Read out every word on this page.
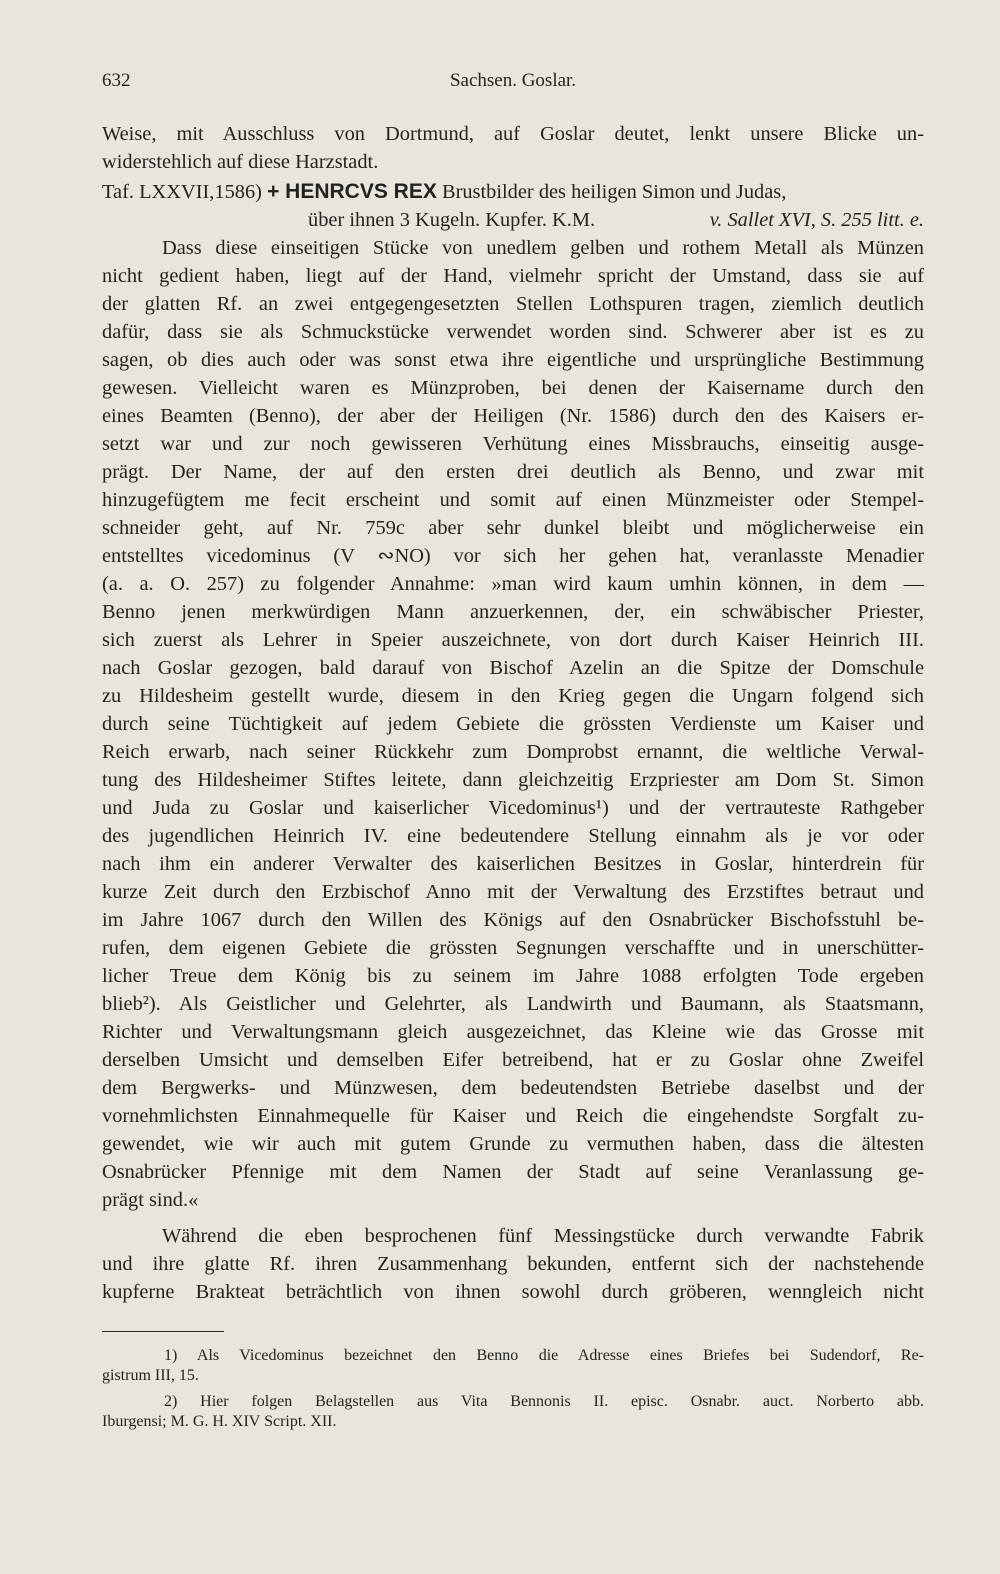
632	Sachsen. Goslar.
Weise, mit Ausschluss von Dortmund, auf Goslar deutet, lenkt unsere Blicke un-
widerstehlich auf diese Harzstadt.
Taf. LXXVII,1586) + HENRCVS REX Brustbilder des heiligen Simon und Judas,
über ihnen 3 Kugeln. Kupfer. K.M.	v. Sallet XVI, S. 255 litt. e.
Dass diese einseitigen Stücke von unedlem gelben und rothem Metall als Münzen
nicht gedient haben, liegt auf der Hand, vielmehr spricht der Umstand, dass sie auf
der glatten Rf. an zwei entgegengesetzten Stellen Lothspuren tragen, ziemlich deutlich
dafür, dass sie als Schmuckstücke verwendet worden sind. Schwerer aber ist es zu
sagen, ob dies auch oder was sonst etwa ihre eigentliche und ursprüngliche Bestimmung
gewesen. Vielleicht waren es Münzproben, bei denen der Kaisername durch den
eines Beamten (Benno), der aber der Heiligen (Nr. 1586) durch den des Kaisers er-
setzt war und zur noch gewisseren Verhütung eines Missbrauchs, einseitig ausge-
prägt. Der Name, der auf den ersten drei deutlich als Benno, und zwar mit
hinzugefügtem me fecit erscheint und somit auf einen Münzmeister oder Stempel-
schneider geht, auf Nr. 759c aber sehr dunkel bleibt und möglicherweise ein
entstelltes vicedominus (V ∾NO) vor sich her gehen hat, veranlasste Menadier
(a. a. O. 257) zu folgender Annahme: »man wird kaum umhin können, in dem —
Benno jenen merkwürdigen Mann anzuerkennen, der, ein schwäbischer Priester,
sich zuerst als Lehrer in Speier auszeichnete, von dort durch Kaiser Heinrich III.
nach Goslar gezogen, bald darauf von Bischof Azelin an die Spitze der Domschule
zu Hildesheim gestellt wurde, diesem in den Krieg gegen die Ungarn folgend sich
durch seine Tüchtigkeit auf jedem Gebiete die grössten Verdienste um Kaiser und
Reich erwarb, nach seiner Rückkehr zum Domprobst ernannt, die weltliche Verwal-
tung des Hildesheimer Stiftes leitete, dann gleichzeitig Erzpriester am Dom St. Simon
und Juda zu Goslar und kaiserlicher Vicedominus¹) und der vertrauteste Rathgeber
des jugendlichen Heinrich IV. eine bedeutendere Stellung einnahm als je vor oder
nach ihm ein anderer Verwalter des kaiserlichen Besitzes in Goslar, hinterdrein für
kurze Zeit durch den Erzbischof Anno mit der Verwaltung des Erzstiftes betraut und
im Jahre 1067 durch den Willen des Königs auf den Osnabrücker Bischofsstuhl be-
rufen, dem eigenen Gebiete die grössten Segnungen verschaffte und in unerschütter-
licher Treue dem König bis zu seinem im Jahre 1088 erfolgten Tode ergeben
blieb²). Als Geistlicher und Gelehrter, als Landwirth und Baumann, als Staatsmann,
Richter und Verwaltungsmann gleich ausgezeichnet, das Kleine wie das Grosse mit
derselben Umsicht und demselben Eifer betreibend, hat er zu Goslar ohne Zweifel
dem Bergwerks- und Münzwesen, dem bedeutendsten Betriebe daselbst und der
vornehmlichsten Einnahmequelle für Kaiser und Reich die eingehendste Sorgfalt zu-
gewendet, wie wir auch mit gutem Grunde zu vermuthen haben, dass die ältesten
Osnabrücker Pfennige mit dem Namen der Stadt auf seine Veranlassung ge-
prägt sind.«
Während die eben besprochenen fünf Messingstücke durch verwandte Fabrik
und ihre glatte Rf. ihren Zusammenhang bekunden, entfernt sich der nachstehende
kupferne Brakteat beträchtlich von ihnen sowohl durch gröberen, wenngleich nicht
1) Als Vicedominus bezeichnet den Benno die Adresse eines Briefes bei Sudendorf, Re-
gistrum III, 15.
2) Hier folgen Belagstellen aus Vita Bennonis II. episc. Osnabr. auct. Norberto abb.
Iburgensi; M. G. H. XIV Script. XII.
